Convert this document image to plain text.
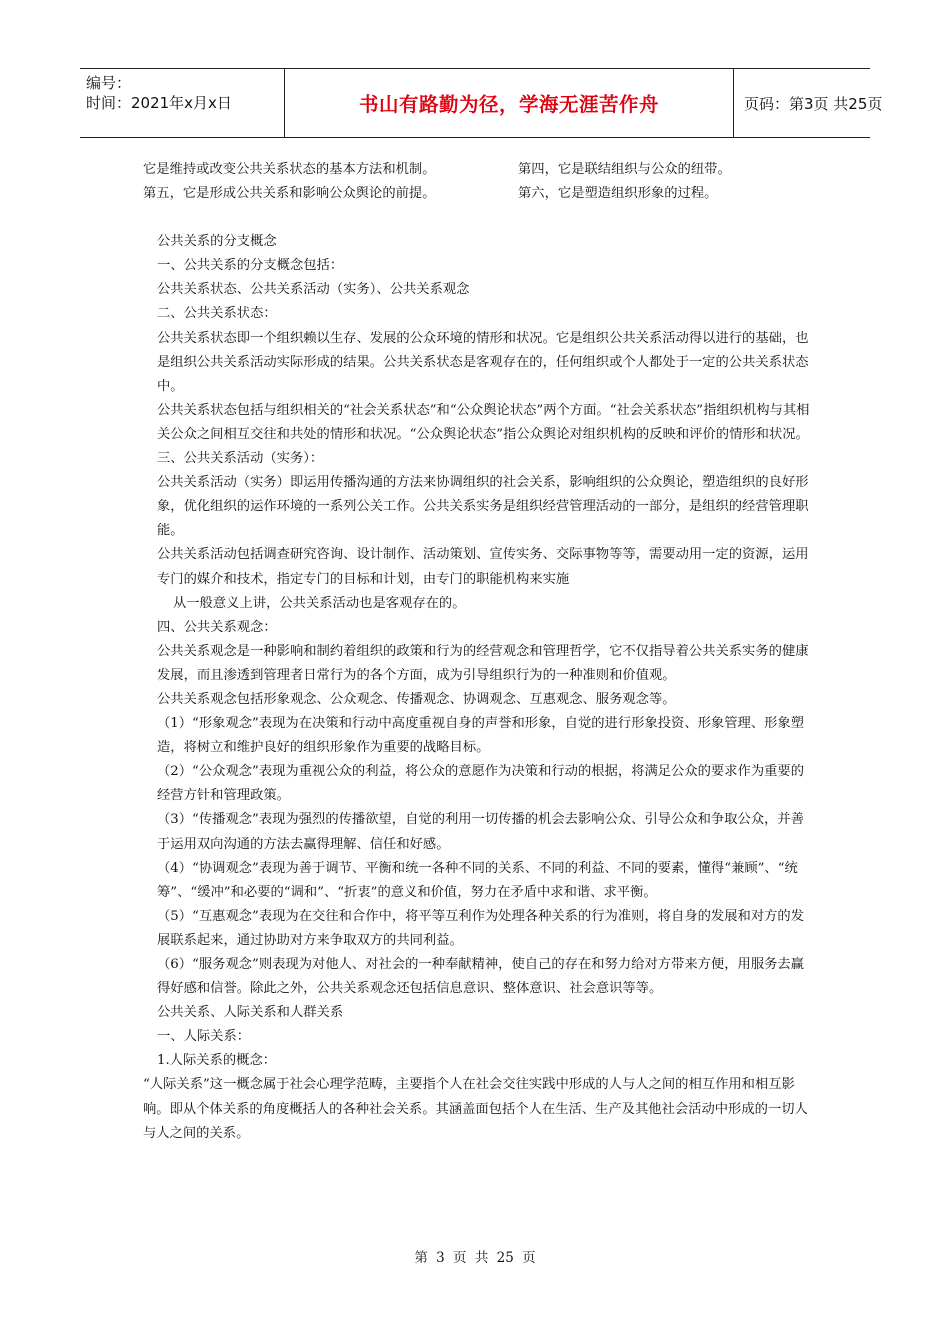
编号：
时间：2021年x月x日	书山有路勤为径，学海无涯苦作舟	页码：第3页 共25页
它是维持或改变公共关系状态的基本方法和机制。	第四，它是联结组织与公众的纽带。
第五，它是形成公共关系和影响公众舆论的前提。	第六，它是塑造组织形象的过程。

公共关系的分支概念

一、公共关系的分支概念包括：

公共关系状态、公共关系活动（实务）、公共关系观念

二、公共关系状态：

公共关系状态即一个组织赖以生存、发展的公众环境的情形和状况。它是组织公共关系活动得以进行的基础，也是组织公共关系活动实际形成的结果。公共关系状态是客观存在的，任何组织或个人都处于一定的公共关系状态中。

公共关系状态包括与组织相关的“社会关系状态”和“公众舆论状态”两个方面。“社会关系状态”指组织机构与其相关公众之间相互交往和共处的情形和状况。“公众舆论状态”指公众舆论对组织机构的反映和评价的情形和状况。

三、公共关系活动（实务）：

公共关系活动（实务）即运用传播沟通的方法来协调组织的社会关系，影响组织的公众舆论，塑造组织的良好形象，优化组织的运作环境的一系列公关工作。公共关系实务是组织经营管理活动的一部分，是组织的经营管理职能。

公共关系活动包括调查研究咨询、设计制作、活动策划、宣传实务、交际事物等等，需要动用一定的资源，运用专门的媒介和技术，指定专门的目标和计划，由专门的职能机构来实施

从一般意义上讲，公共关系活动也是客观存在的。

四、公共关系观念：

公共关系观念是一种影响和制约着组织的政策和行为的经营观念和管理哲学，它不仅指导着公共关系实务的健康发展，而且渗透到管理者日常行为的各个方面，成为引导组织行为的一种准则和价值观。

公共关系观念包括形象观念、公众观念、传播观念、协调观念、互惠观念、服务观念等。

（1）“形象观念”表现为在决策和行动中高度重视自身的声誉和形象，自觉的进行形象投资、形象管理、形象塑造，将树立和维护良好的组织形象作为重要的战略目标。

（2）“公众观念”表现为重视公众的利益，将公众的意愿作为决策和行动的根据，将满足公众的要求作为重要的经营方针和管理政策。

（3）“传播观念”表现为强烈的传播欲望，自觉的利用一切传播的机会去影响公众、引导公众和争取公众，并善于运用双向沟通的方法去赢得理解、信任和好感。

（4）“协调观念”表现为善于调节、平衡和统一各种不同的关系、不同的利益、不同的要素，懂得“兼顾”、“统筹”、“缓冲”和必要的“调和”、“折衷”的意义和价值，努力在矛盾中求和谐、求平衡。

（5）“互惠观念”表现为在交往和合作中，将平等互利作为处理各种关系的行为准则，将自身的发展和对方的发展联系起来，通过协助对方来争取双方的共同利益。

（6）“服务观念”则表现为对他人、对社会的一种奉献精神，使自己的存在和努力给对方带来方便，用服务去赢得好感和信誉。除此之外，公共关系观念还包括信息意识、整体意识、社会意识等等。

公共关系、人际关系和人群关系

一、人际关系：

1.人际关系的概念：

“人际关系”这一概念属于社会心理学范畴，主要指个人在社会交往实践中形成的人与人之间的相互作用和相互影响。即从个体关系的角度概括人的各种社会关系。其涵盖面包括个人在生活、生产及其他社会活动中形成的一切人与人之间的关系。

第 3 页 共 25 页
